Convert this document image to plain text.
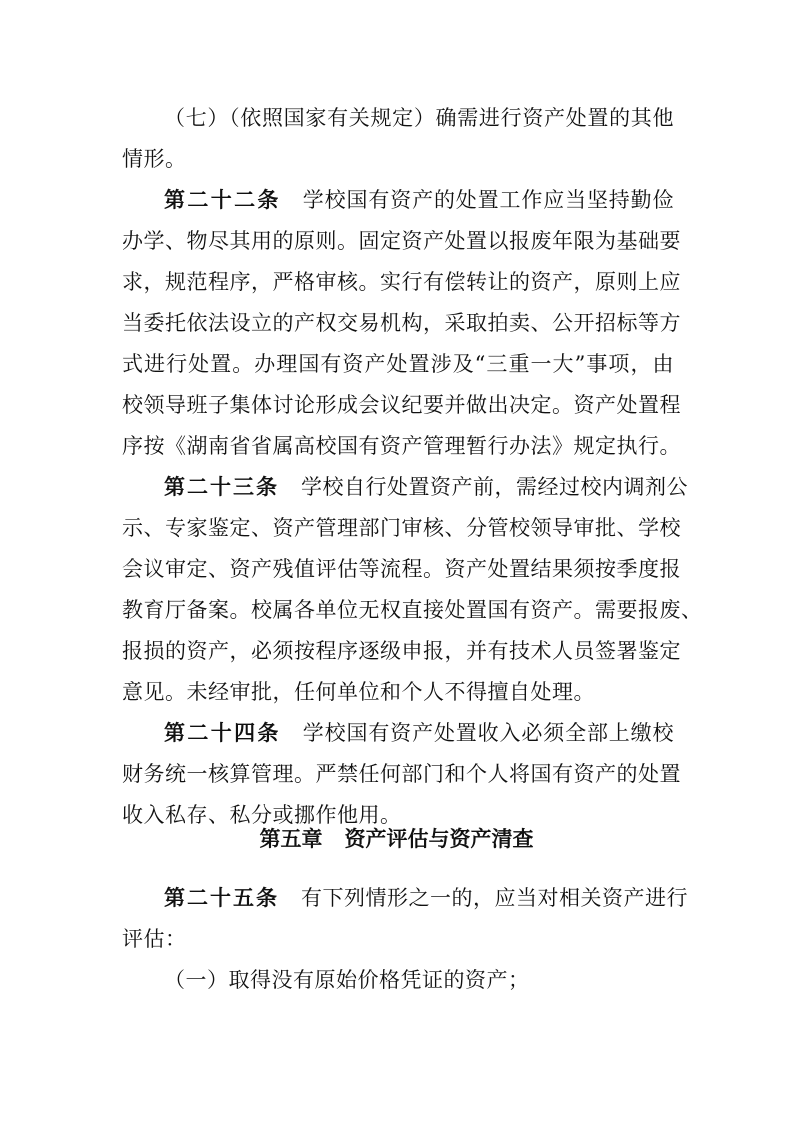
（七）（依照国家有关规定）确需进行资产处置的其他
情形。
第二十二条 学校国有资产的处置工作应当坚持勤俭
办学、物尽其用的原则。固定资产处置以报废年限为基础要
求，规范程序，严格审核。实行有偿转让的资产，原则上应
当委托依法设立的产权交易机构，采取拍卖、公开招标等方
式进行处置。办理国有资产处置涉及“三重一大”事项，由
校领导班子集体讨论形成会议纪要并做出决定。资产处置程
序按《湖南省省属高校国有资产管理暂行办法》规定执行。
第二十三条 学校自行处置资产前，需经过校内调剂公
示、专家鉴定、资产管理部门审核、分管校领导审批、学校
会议审定、资产残值评估等流程。资产处置结果须按季度报
教育厅备案。校属各单位无权直接处置国有资产。需要报废、
报损的资产，必须按程序逐级申报，并有技术人员签署鉴定
意见。未经审批，任何单位和个人不得擅自处理。
第二十四条 学校国有资产处置收入必须全部上缴校
财务统一核算管理。严禁任何部门和个人将国有资产的处置
收入私存、私分或挪作他用。
第五章 资产评估与资产清查
第二十五条 有下列情形之一的，应当对相关资产进行
评估：
（一）取得没有原始价格凭证的资产；
